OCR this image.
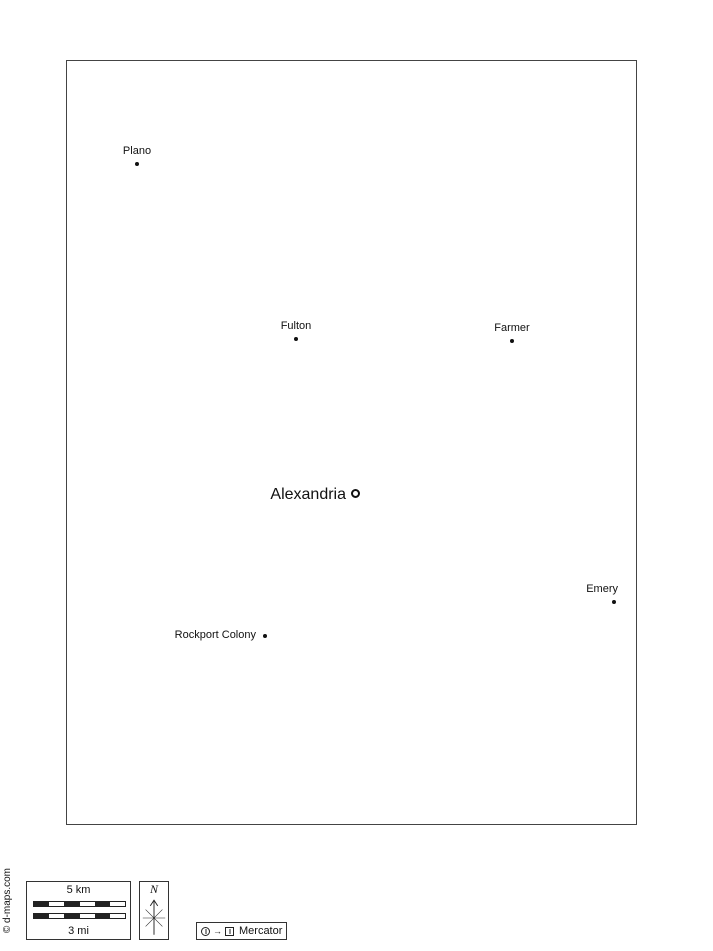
Plano
Fulton	Farmer
Alexandria
Emery
Rockport Colony
© d-maps.com	5 km
3 mi
N
→ Mercator
